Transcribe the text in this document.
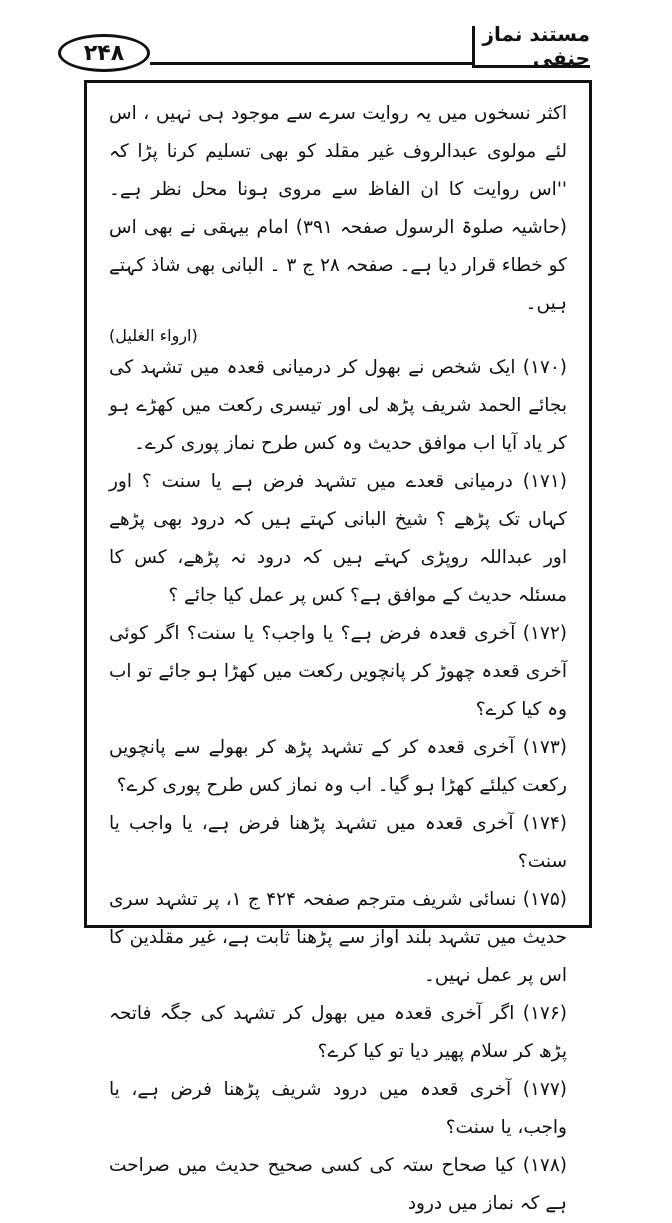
۲۴۸
مستند نماز حنفی

اکثر نسخوں میں یہ روایت سرے سے موجود ہی نہیں ، اس لئے مولوی عبدالروف غیر مقلد کو بھی تسلیم کرنا پڑا کہ ''اس روایت کا ان الفاظ سے مروی ہونا محل نظر ہے۔ (حاشیہ صلوۃ الرسول صفحہ ۳۹۱) امام بیہقی نے بھی اس کو خطاء قرار دیا ہے۔ صفحہ ۲۸ ج ۳ ۔ البانی بھی شاذ کہتے ہیں۔

(ارواء الغلیل)

(۱۷۰) ایک شخص نے بھول کر درمیانی قعدہ میں تشہد کی بجائے الحمد شریف پڑھ لی اور تیسری رکعت میں کھڑے ہو کر یاد آیا اب موافق حدیث وہ کس طرح نماز پوری کرے۔

(۱۷۱) درمیانی قعدے میں تشہد فرض ہے یا سنت ؟ اور کہاں تک پڑھے ؟ شیخ البانی کہتے ہیں کہ درود بھی پڑھے اور عبداللہ روپڑی کہتے ہیں کہ درود نہ پڑھے، کس کا مسئلہ حدیث کے موافق ہے؟ کس پر عمل کیا جائے ؟

(۱۷۲) آخری قعدہ فرض ہے؟ یا واجب؟ یا سنت؟ اگر کوئی آخری قعدہ چھوڑ کر پانچویں رکعت میں کھڑا ہو جائے تو اب وہ کیا کرے؟

(۱۷۳) آخری قعدہ کر کے تشہد پڑھ کر بھولے سے پانچویں رکعت کیلئے کھڑا ہو گیا۔ اب وہ نماز کس طرح پوری کرے؟

(۱۷۴) آخری قعدہ میں تشہد پڑھنا فرض ہے، یا واجب یا سنت؟

(۱۷۵) نسائی شریف مترجم صفحہ ۴۲۴ ج ۱، پر تشہد سری حدیث میں تشہد بلند آواز سے پڑھنا ثابت ہے، غیر مقلدین کا اس پر عمل نہیں۔

(۱۷۶) اگر آخری قعدہ میں بھول کر تشہد کی جگہ فاتحہ پڑھ کر سلام پھیر دیا تو کیا کرے؟

(۱۷۷) آخری قعدہ میں درود شریف پڑھنا فرض ہے، یا واجب، یا سنت؟

(۱۷۸) کیا صحاح ستہ کی کسی صحیح حدیث میں صراحت ہے کہ نماز میں درود
